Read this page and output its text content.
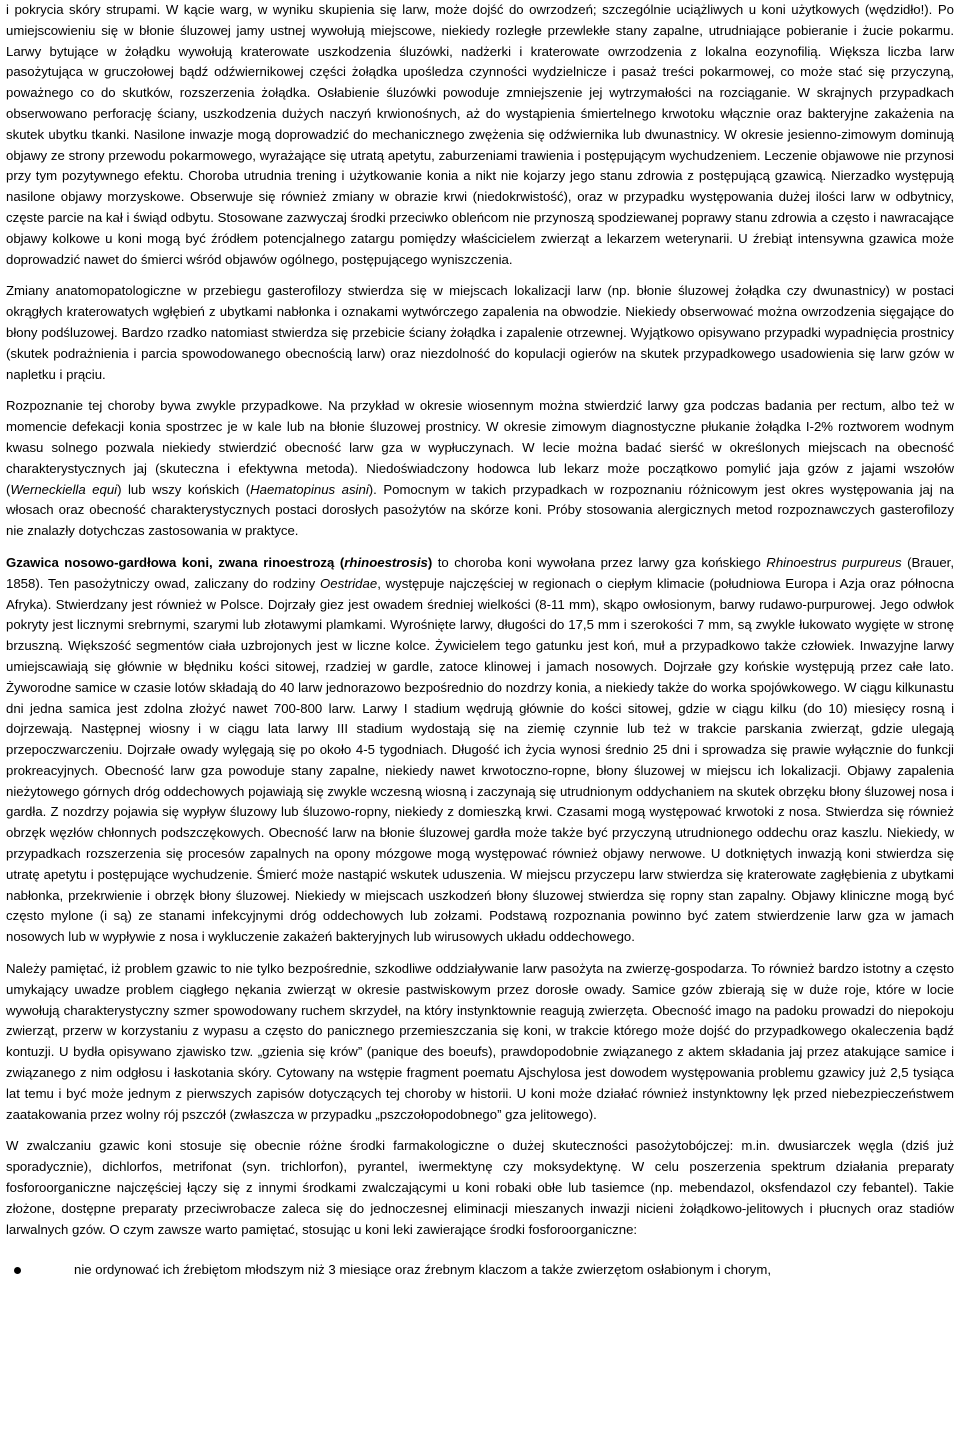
i pokrycia skóry strupami. W kącie warg, w wyniku skupienia się larw, może dojść do owrzodzeń; szczególnie uciążliwych u koni użytkowych (wędzidło!). Po umiejscowieniu się w błonie śluzowej jamy ustnej wywołują miejscowe, niekiedy rozległe przewlekłe stany zapalne, utrudniające pobieranie i żucie pokarmu. Larwy bytujące w żołądku wywołują kraterowate uszkodzenia śluzówki, nadżerki i kraterowate owrzodzenia z lokalna eozynofilią. Większa liczba larw pasożytująca w gruczołowej bądź odźwiernikowej części żołądka upośledza czynności wydzielnicze i pasaż treści pokarmowej, co może stać się przyczyną, poważnego co do skutków, rozszerzenia żołądka. Osłabienie śluzówki powoduje zmniejszenie jej wytrzymałości na rozciąganie. W skrajnych przypadkach obserwowano perforację ściany, uszkodzenia dużych naczyń krwionośnych, aż do wystąpienia śmiertelnego krwotoku włącznie oraz bakteryjne zakażenia na skutek ubytku tkanki. Nasilone inwazje mogą doprowadzić do mechanicznego zwężenia się odźwiernika lub dwunastnicy. W okresie jesienno-zimowym dominują objawy ze strony przewodu pokarmowego, wyrażające się utratą apetytu, zaburzeniami trawienia i postępującym wychudzeniem. Leczenie objawowe nie przynosi przy tym pozytywnego efektu. Choroba utrudnia trening i użytkowanie konia a nikt nie kojarzy jego stanu zdrowia z postępującą gzawicą. Nierzadko występują nasilone objawy morzyskowe. Obserwuje się również zmiany w obrazie krwi (niedokrwistość), oraz w przypadku występowania dużej ilości larw w odbytnicy, częste parcie na kał i świąd odbytu. Stosowane zazwyczaj środki przeciwko obleńcom nie przynoszą spodziewanej poprawy stanu zdrowia a często i nawracające objawy kolkowe u koni mogą być źródłem potencjalnego zatargu pomiędzy właścicielem zwierząt a lekarzem weterynarii. U źrebiąt intensywna gzawica może doprowadzić nawet do śmierci wśród objawów ogólnego, postępującego wyniszczenia.

Zmiany anatomopatologiczne w przebiegu gasterofilozy stwierdza się w miejscach lokalizacji larw (np. błonie śluzowej żołądka czy dwunastnicy) w postaci okrągłych kraterowatych wgłębień z ubytkami nabłonka i oznakami wytwórczego zapalenia na obwodzie. Niekiedy obserwować można owrzodzenia sięgające do błony podśluzowej. Bardzo rzadko natomiast stwierdza się przebicie ściany żołądka i zapalenie otrzewnej. Wyjątkowo opisywano przypadki wypadnięcia prostnicy (skutek podrażnienia i parcia spowodowanego obecnością larw) oraz niezdolność do kopulacji ogierów na skutek przypadkowego usadowienia się larw gzów w napletku i prąciu.

Rozpoznanie tej choroby bywa zwykle przypadkowe. Na przykład w okresie wiosennym można stwierdzić larwy gza podczas badania per rectum, albo też w momencie defekacji konia spostrzec je w kale lub na błonie śluzowej prostnicy. W okresie zimowym diagnostyczne płukanie żołądka I-2% roztworem wodnym kwasu solnego pozwala niekiedy stwierdzić obecność larw gza w wypłuczynach. W lecie można badać sierść w określonych miejscach na obecność charakterystycznych jaj (skuteczna i efektywna metoda). Niedoświadczony hodowca lub lekarz może początkowo pomylić jaja gzów z jajami wszołów (Werneckiella equi) lub wszy końskich (Haematopinus asini). Pomocnym w takich przypadkach w rozpoznaniu różnicowym jest okres występowania jaj na włosach oraz obecność charakterystycznych postaci dorosłych pasożytów na skórze koni. Próby stosowania alergicznych metod rozpoznawczych gasterofilozy nie znalazły dotychczas zastosowania w praktyce.

Gzawica nosowo-gardłowa koni, zwana rinoestrozą (rhinoestrosis) to choroba koni wywołana przez larwy gza końskiego Rhinoestrus purpureus (Brauer, 1858). Ten pasożytniczy owad, zaliczany do rodziny Oestridae, występuje najczęściej w regionach o ciepłym klimacie (południowa Europa i Azja oraz północna Afryka). Stwierdzany jest również w Polsce. Dojrzały giez jest owadem średniej wielkości (8-11 mm), skąpo owłosionym, barwy rudawo-purpurowej. Jego odwłok pokryty jest licznymi srebrnymi, szarymi lub złotawymi plamkami. Wyrośnięte larwy, długości do 17,5 mm i szerokości 7 mm, są zwykle łukowato wygięte w stronę brzuszną. Większość segmentów ciała uzbrojonych jest w liczne kolce. Żywicielem tego gatunku jest koń, muł a przypadkowo także człowiek. Inwazyjne larwy umiejscawiają się głównie w błędniku kości sitowej, rzadziej w gardle, zatoce klinowej i jamach nosowych. Dojrzałe gzy końskie występują przez całe lato. Żyworodne samice w czasie lotów składają do 40 larw jednorazowo bezpośrednio do nozdrzy konia, a niekiedy także do worka spojówkowego. W ciągu kilkunastu dni jedna samica jest zdolna złożyć nawet 700-800 larw. Larwy I stadium wędrują głównie do kości sitowej, gdzie w ciągu kilku (do 10) miesięcy rosną i dojrzewają. Następnej wiosny i w ciągu lata larwy III stadium wydostają się na ziemię czynnie lub też w trakcie parskania zwierząt, gdzie ulegają przepoczwarczeniu. Dojrzałe owady wylęgają się po około 4-5 tygodniach. Długość ich życia wynosi średnio 25 dni i sprowadza się prawie wyłącznie do funkcji prokreacyjnych. Obecność larw gza powoduje stany zapalne, niekiedy nawet krwotoczno-ropne, błony śluzowej w miejscu ich lokalizacji. Objawy zapalenia nieżytowego górnych dróg oddechowych pojawiają się zwykle wczesną wiosną i zaczynają się utrudnionym oddychaniem na skutek obrzęku błony śluzowej nosa i gardła. Z nozdrzy pojawia się wypływ śluzowy lub śluzowo-ropny, niekiedy z domieszką krwi. Czasami mogą występować krwotoki z nosa. Stwierdza się również obrzęk węzłów chłonnych podszczękowych. Obecność larw na błonie śluzowej gardła może także być przyczyną utrudnionego oddechu oraz kaszlu. Niekiedy, w przypadkach rozszerzenia się procesów zapalnych na opony mózgowe mogą występować również objawy nerwowe. U dotkniętych inwazją koni stwierdza się utratę apetytu i postępujące wychudzenie. Śmierć może nastąpić wskutek uduszenia. W miejscu przyczepu larw stwierdza się kraterowate zagłębienia z ubytkami nabłonka, przekrwienie i obrzęk błony śluzowej. Niekiedy w miejscach uszkodzeń błony śluzowej stwierdza się ropny stan zapalny. Objawy kliniczne mogą być często mylone (i są) ze stanami infekcyjnymi dróg oddechowych lub zołzami. Podstawą rozpoznania powinno być zatem stwierdzenie larw gza w jamach nosowych lub w wypływie z nosa i wykluczenie zakażeń bakteryjnych lub wirusowych układu oddechowego.

Należy pamiętać, iż problem gzawic to nie tylko bezpośrednie, szkodliwe oddziaływanie larw pasożyta na zwierzę-gospodarza. To również bardzo istotny a często umykający uwadze problem ciągłego nękania zwierząt w okresie pastwiskowym przez dorosłe owady. Samice gzów zbierają się w duże roje, które w locie wywołują charakterystyczny szmer spowodowany ruchem skrzydeł, na który instynktownie reagują zwierzęta. Obecność imago na padoku prowadzi do niepokoju zwierząt, przerw w korzystaniu z wypasu a często do panicznego przemieszczania się koni, w trakcie którego może dojść do przypadkowego okaleczenia bądź kontuzji. U bydła opisywano zjawisko tzw. „gzienia się krów” (panique des boeufs), prawdopodobnie związanego z aktem składania jaj przez atakujące samice i związanego z nim odgłosu i łaskotania skóry. Cytowany na wstępie fragment poematu Ajschylosa jest dowodem występowania problemu gzawicy już 2,5 tysiąca lat temu i być może jednym z pierwszych zapisów dotyczących tej choroby w historii. U koni może działać również instynktowny lęk przed niebezpieczeństwem zaatakowania przez wolny rój pszczół (zwłaszcza w przypadku „pszczołopodobnego” gza jelitowego).

W zwalczaniu gzawic koni stosuje się obecnie różne środki farmakologiczne o dużej skuteczności pasożytobójczej: m.in. dwusiarczek węgla (dziś już sporadycznie), dichlorfos, metrifonat (syn. trichlorfon), pyrantel, iwermektynę czy moksydektynę. W celu poszerzenia spektrum działania preparaty fosforoorganiczne najczęściej łączy się z innymi środkami zwalczającymi u koni robaki obłe lub tasiemce (np. mebendazol, oksfendazol czy febantel). Takie złożone, dostępne preparaty przeciwrobacze zaleca się do jednoczesnej eliminacji mieszanych inwazji nicieni żołądkowo-jelitowych i płucnych oraz stadiów larwalnych gzów. O czym zawsze warto pamiętać, stosując u koni leki zawierające środki fosforoorganiczne:

nie ordynować ich źrebiętom młodszym niż 3 miesiące oraz źrebnym klaczom a także zwierzętom osłabionym i chorym,
